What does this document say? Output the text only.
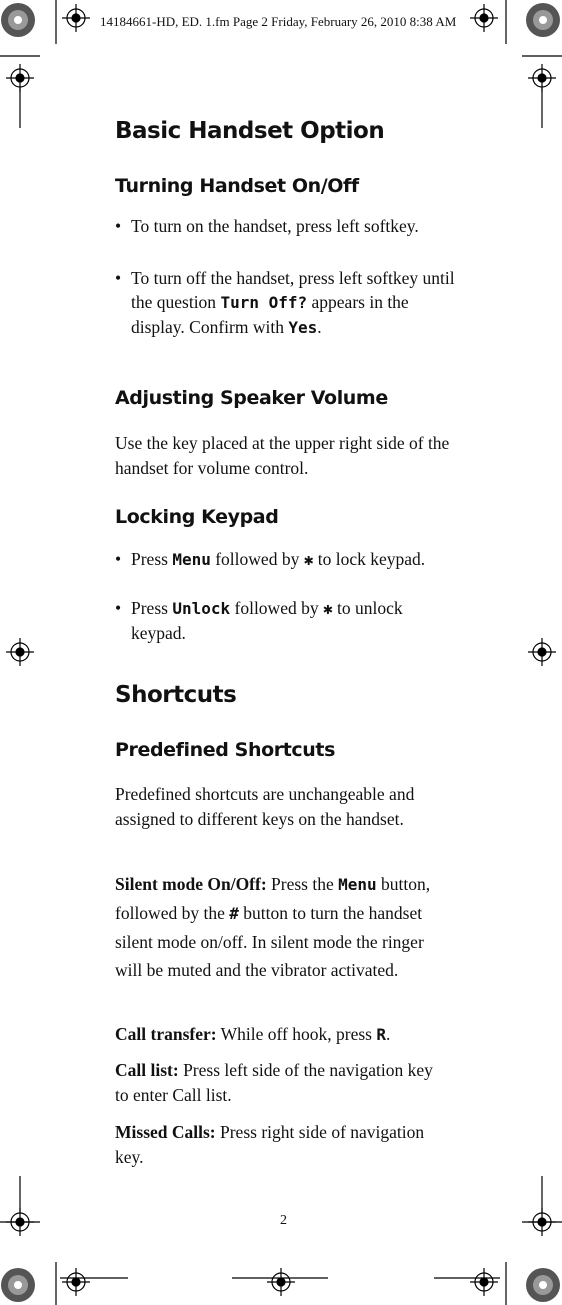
14184661-HD, ED. 1.fm Page 2 Friday, February 26, 2010 8:38 AM
Basic Handset Option
Turning Handset On/Off
• To turn on the handset, press left softkey.
• To turn off the handset, press left softkey until the question Turn Off? appears in the display. Confirm with Yes.
Adjusting Speaker Volume
Use the key placed at the upper right side of the handset for volume control.
Locking Keypad
• Press Menu followed by ✱ to lock keypad.
• Press Unlock followed by ✱ to unlock keypad.
Shortcuts
Predefined Shortcuts
Predefined shortcuts are unchangeable and assigned to different keys on the handset.
Silent mode On/Off: Press the Menu button, followed by the # button to turn the handset silent mode on/off. In silent mode the ringer will be muted and the vibrator activated.
Call transfer: While off hook, press R.
Call list: Press left side of the navigation key to enter Call list.
Missed Calls: Press right side of navigation key.
2
